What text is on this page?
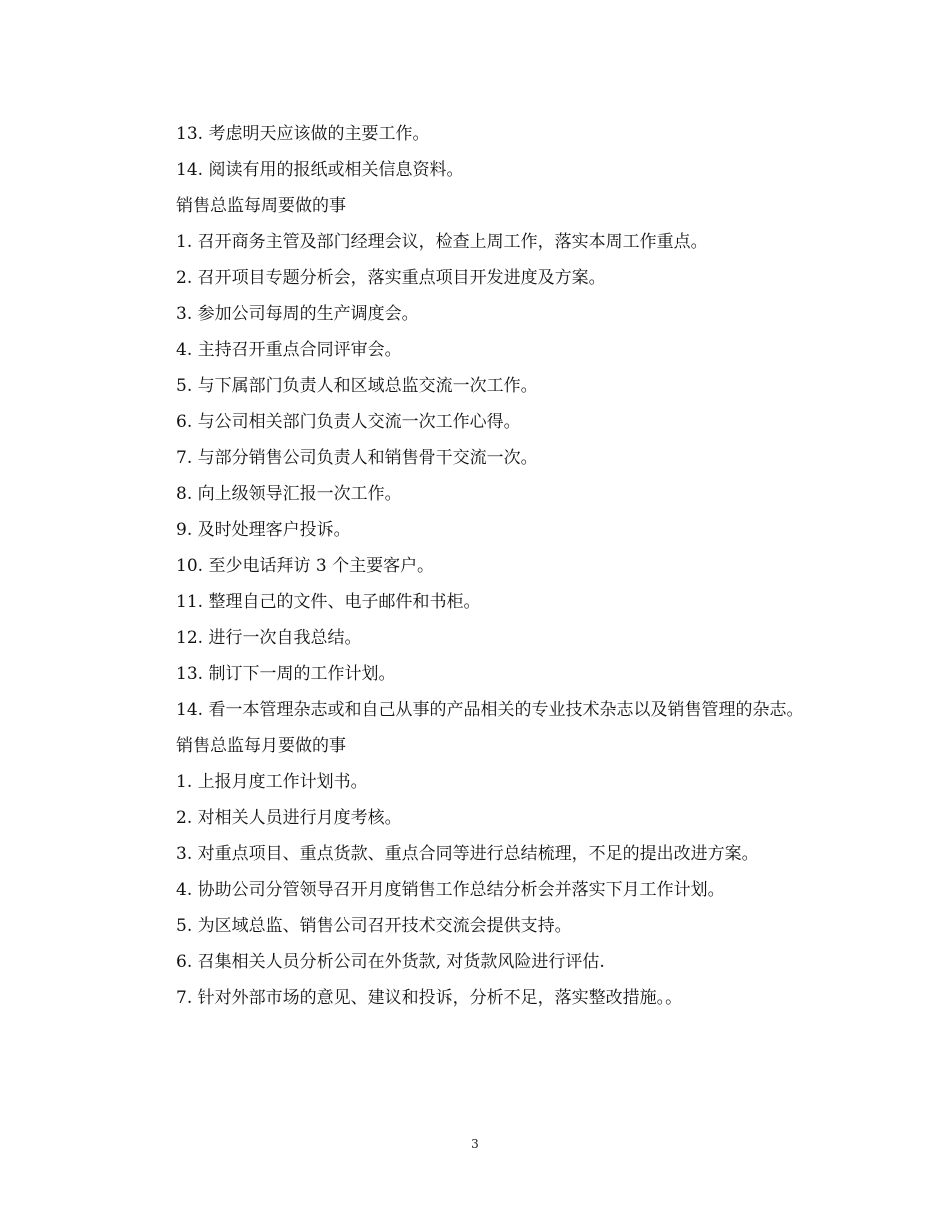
13. 考虑明天应该做的主要工作。

14. 阅读有用的报纸或相关信息资料。

销售总监每周要做的事

1. 召开商务主管及部门经理会议，检查上周工作，落实本周工作重点。

2. 召开项目专题分析会，落实重点项目开发进度及方案。

3. 参加公司每周的生产调度会。

4. 主持召开重点合同评审会。

5. 与下属部门负责人和区域总监交流一次工作。

6. 与公司相关部门负责人交流一次工作心得。

7. 与部分销售公司负责人和销售骨干交流一次。

8. 向上级领导汇报一次工作。

9. 及时处理客户投诉。

10. 至少电话拜访 3 个主要客户。

11. 整理自己的文件、电子邮件和书柜。

12. 进行一次自我总结。

13. 制订下一周的工作计划。

14. 看一本管理杂志或和自己从事的产品相关的专业技术杂志以及销售管理的杂志。

销售总监每月要做的事

1. 上报月度工作计划书。

2. 对相关人员进行月度考核。

3. 对重点项目、重点货款、重点合同等进行总结梳理，不足的提出改进方案。

4. 协助公司分管领导召开月度销售工作总结分析会并落实下月工作计划。

5. 为区域总监、销售公司召开技术交流会提供支持。

6. 召集相关人员分析公司在外货款, 对货款风险进行评估.

7. 针对外部市场的意见、建议和投诉，分析不足，落实整改措施。。

3
